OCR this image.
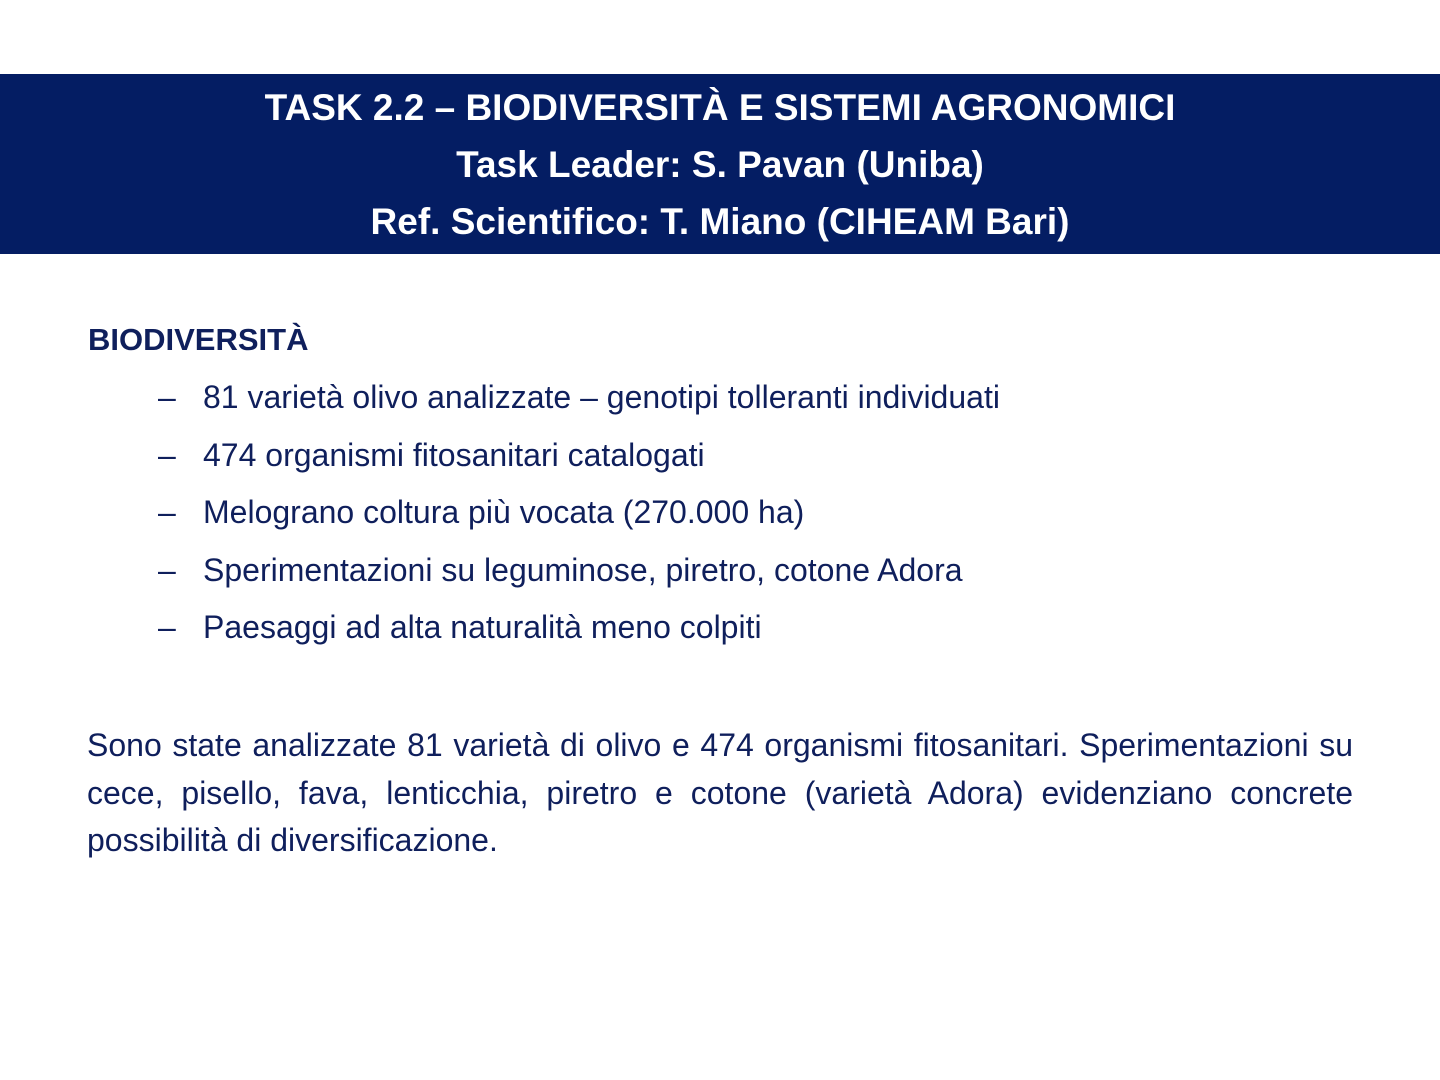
TASK 2.2 – BIODIVERSITÀ E SISTEMI AGRONOMICI
Task Leader: S. Pavan (Uniba)
Ref. Scientifico: T. Miano (CIHEAM Bari)
BIODIVERSITÀ
– 81 varietà olivo analizzate – genotipi tolleranti individuati
– 474 organismi fitosanitari catalogati
– Melograno coltura più vocata (270.000 ha)
– Sperimentazioni su leguminose, piretro, cotone Adora
– Paesaggi ad alta naturalità meno colpiti

Sono state analizzate 81 varietà di olivo e 474 organismi fitosanitari. Sperimentazioni su cece, pisello, fava, lenticchia, piretro e cotone (varietà Adora) evidenziano concrete possibilità di diversificazione.
